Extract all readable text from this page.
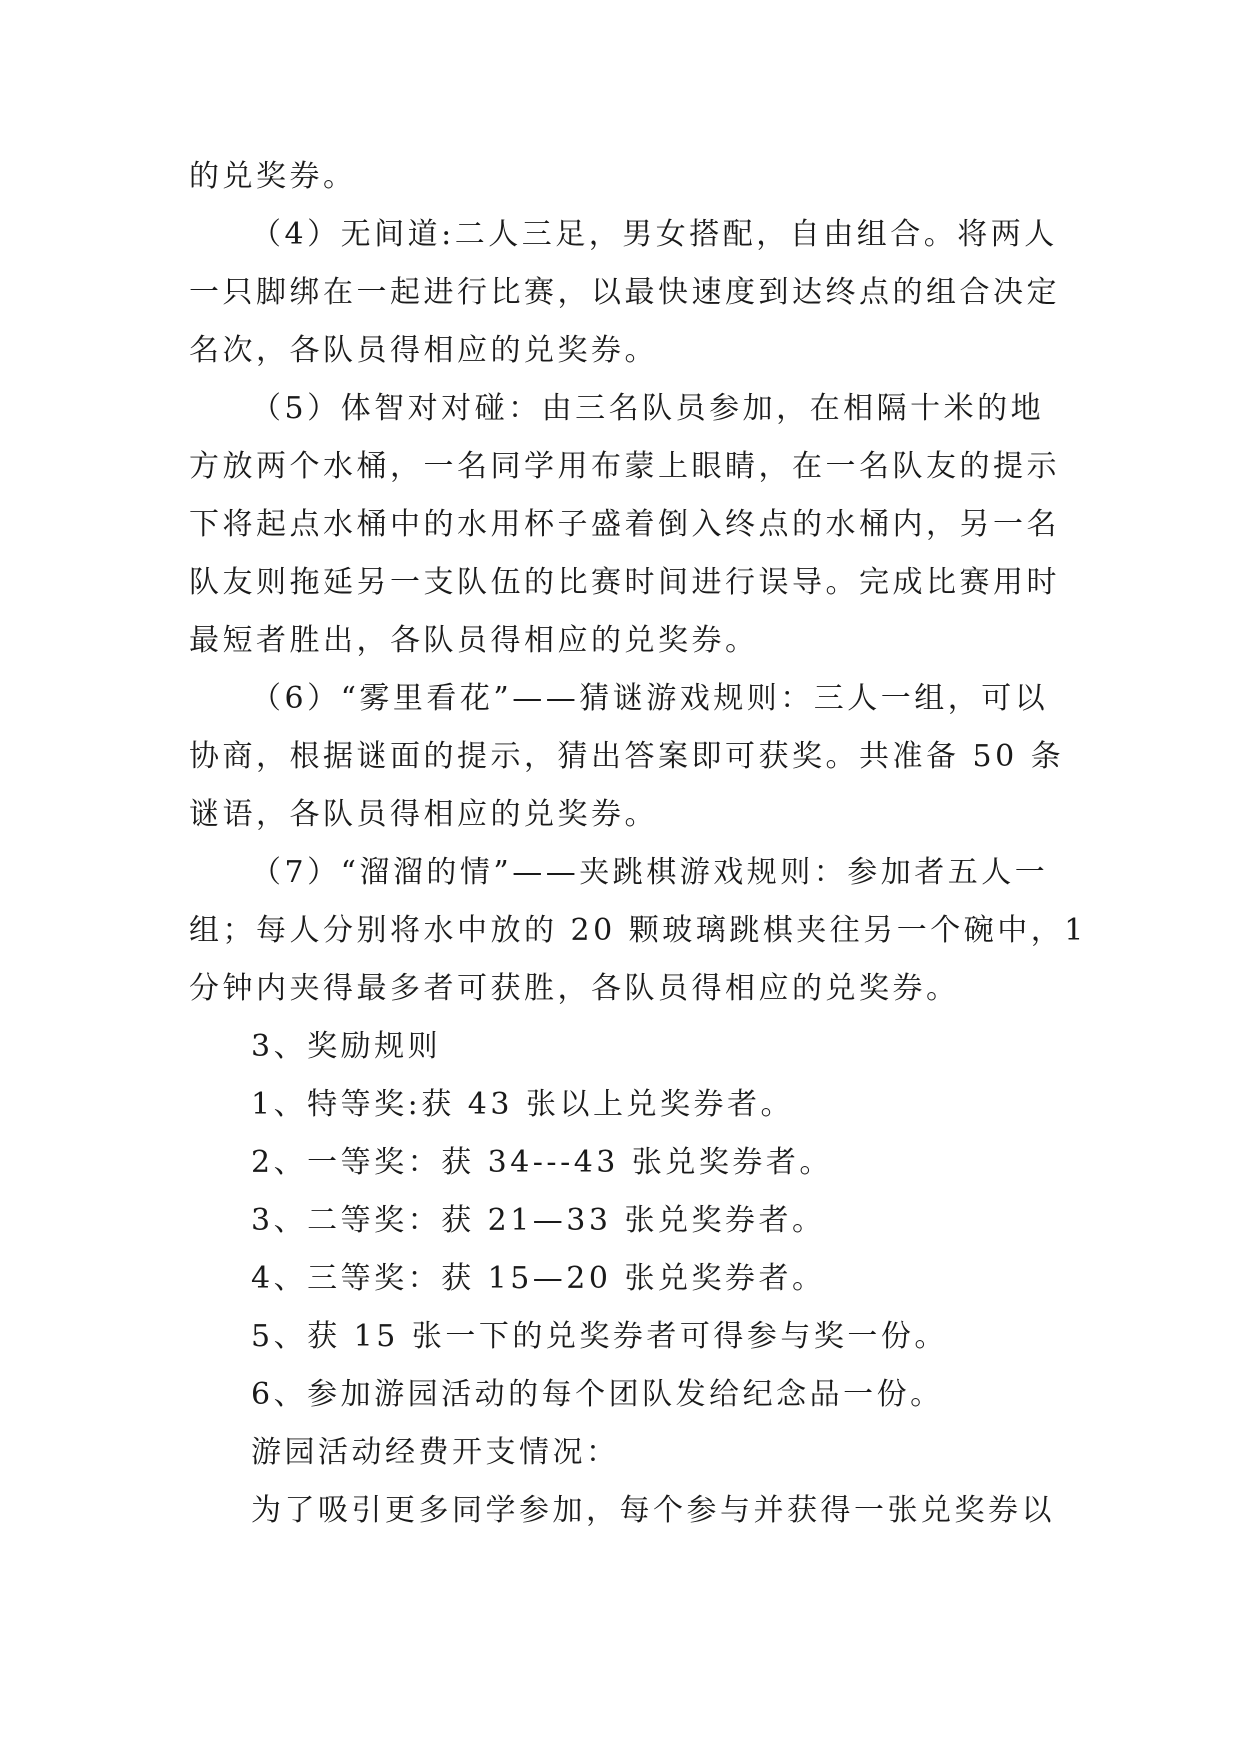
的兑奖券。
（4）无间道:二人三足，男女搭配，自由组合。将两人
一只脚绑在一起进行比赛，以最快速度到达终点的组合决定
名次，各队员得相应的兑奖券。
（5）体智对对碰：由三名队员参加，在相隔十米的地
方放两个水桶，一名同学用布蒙上眼睛，在一名队友的提示
下将起点水桶中的水用杯子盛着倒入终点的水桶内，另一名
队友则拖延另一支队伍的比赛时间进行误导。完成比赛用时
最短者胜出，各队员得相应的兑奖券。
（6）“雾里看花”——猜谜游戏规则：三人一组，可以
协商，根据谜面的提示，猜出答案即可获奖。共准备 50 条
谜语，各队员得相应的兑奖券。
（7）“溜溜的情”——夹跳棋游戏规则：参加者五人一
组；每人分别将水中放的 20 颗玻璃跳棋夹往另一个碗中，1
分钟内夹得最多者可获胜，各队员得相应的兑奖券。
3、奖励规则
1、特等奖:获 43 张以上兑奖券者。
2、一等奖：获 34---43 张兑奖券者。
3、二等奖：获 21—33 张兑奖券者。
4、三等奖：获 15—20 张兑奖券者。
5、获 15 张一下的兑奖券者可得参与奖一份。
6、参加游园活动的每个团队发给纪念品一份。
游园活动经费开支情况：
为了吸引更多同学参加，每个参与并获得一张兑奖券以
